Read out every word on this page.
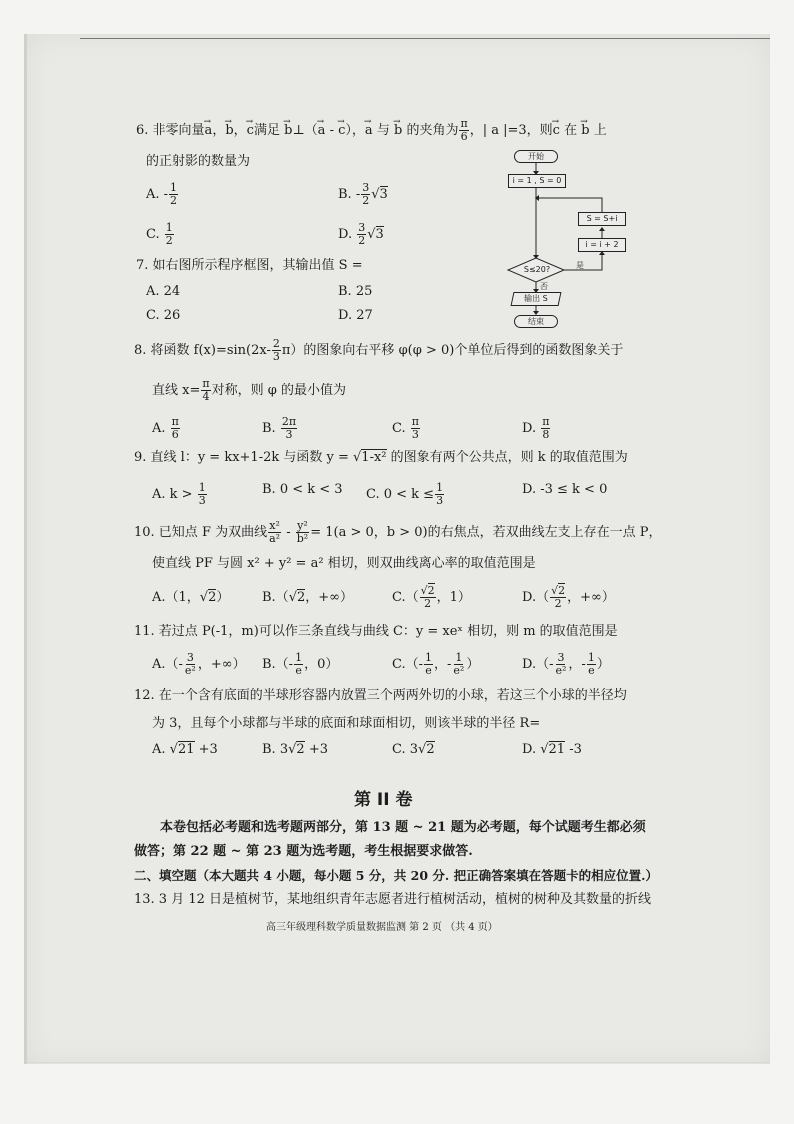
6. 非零向量→ a，→ b，→ c满足 → b⊥（→ a - → c），→ a 与 → b 的夹角为 $\frac{\pi}{6}$ ，| a |=3，则→ c 在 → b 上
的正射影的数量为
A. - $\frac{1}{2}$	B. - $\frac{3}{2} √3$
C. $\frac{1}{2}$	D. $\frac{3}{2} √3$
7. 如右图所示程序框图，其输出值 S =
A. 24	B. 25
C. 26	D. 27
开始
i = 1 , S = 0
S = S+i
i = i + 2
S≤20?	是
否
输出 S
结束
8. 将函数 $f(x)=\sin(2x- \frac{2}{3} \pi)$的图象向右平移 φ(φ > 0)个单位后得到的函数图象关于
直线 $x= \frac{\pi}{4}$ 对称，则 φ 的最小值为
A. $\frac{\pi}{6}$	B. $\frac{2\pi}{3}$	C. $\frac{\pi}{3}$	D. $\frac{\pi}{8}$
9. 直线 l：y = kx+1-2k 与函数 y = √1-x² 的图象有两个公共点，则 k 的取值范围为
A. $k > \frac{1}{3}$	B. 0 < k < 3 C. $0 < k \le \frac{1}{3}$	D. -3 ≤ k < 0
10. 已知点 F 为双曲线 $\frac{\text{x²}}{\text{a²}} - \frac{\text{y²}}{\text{b²}} = 1(a > 0$，b > 0)的右焦点，若双曲线左支上存在一点 P，
使直线 PF 与圆 x² + y² = a² 相切，则双曲线离心率的取值范围是
A.（1，√2）	B.（√2，+∞）	$C.( \frac{√2}{2}$ ，1）	$D.( \frac{√2}{2}$ ，+∞）
11. 若过点 P(-1，m)可以作三条直线与曲线 C：y = xeˣ 相切，则 m 的取值范围是
$A.(- \frac{3}{\text{e²}}$ ，+∞） $B.(- \frac{1}{e}$ ，0）	$C.(- \frac{1}{e}$ ，- $\frac{1}{\text{e²}}$ ）	$D.(- \frac{3}{\text{e²}}$ ，- $\frac{1}{e}$ ）
12. 在一个含有底面的半球形容器内放置三个两两外切的小球，若这三个小球的半径均
为 3，且每个小球都与半球的底面和球面相切，则该半球的半径 R=
A. √21 +3	B. 3√2 +3	C. 3√2	D. √21 -3
第 II 卷
本卷包括必考题和选考题两部分，第 13 题 ~ 21 题为必考题，每个试题考生都必须
做答；第 22 题 ~ 第 23 题为选考题，考生根据要求做答.
二、填空题（本大题共 4 小题，每小题 5 分，共 20 分. 把正确答案填在答题卡的相应位置.）
13. 3 月 12 日是植树节，某地组织青年志愿者进行植树活动，植树的树种及其数量的折线
高三年级理科数学质量数据监测 第 2 页 （共 4 页）
